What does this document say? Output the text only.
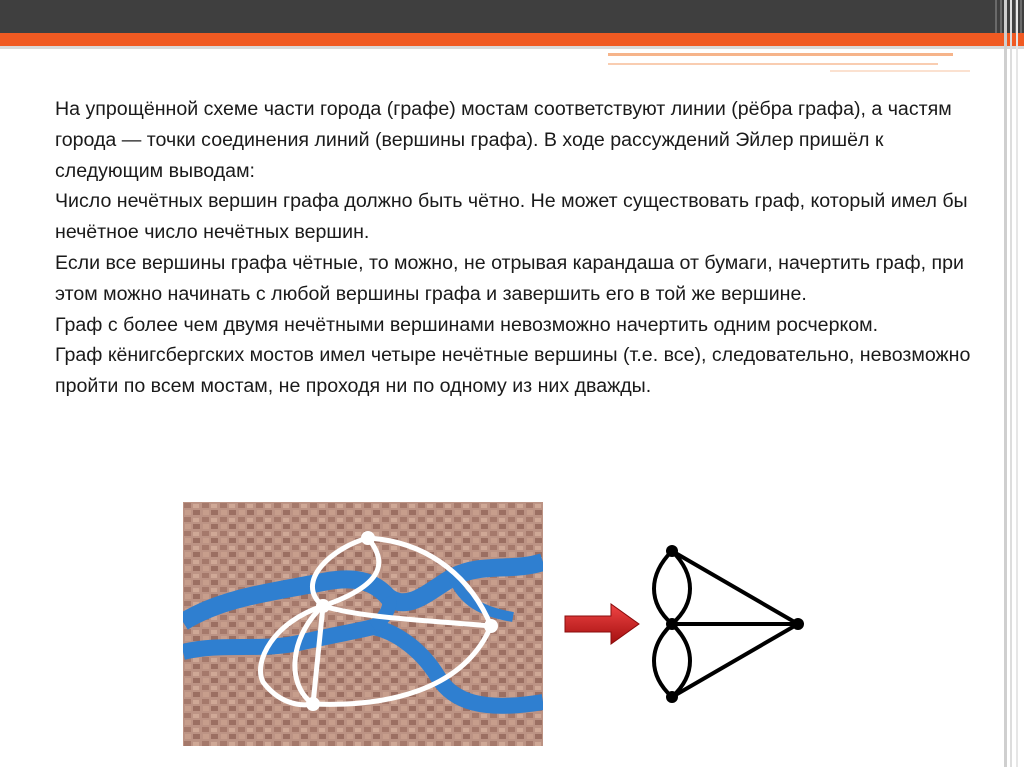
На упрощённой схеме части города (графе) мостам соответствуют линии (рёбра графа), а частям города — точки соединения линий (вершины графа). В ходе рассуждений Эйлер пришёл к следующим выводам:

Число нечётных вершин графа должно быть чётно. Не может существовать граф, который имел бы нечётное число нечётных вершин.

Если все вершины графа чётные, то можно, не отрывая карандаша от бумаги, начертить граф, при этом можно начинать с любой вершины графа и завершить его в той же вершине.

Граф с более чем двумя нечётными вершинами невозможно начертить одним росчерком.

Граф кёнигсбергских мостов имел четыре нечётные вершины (т.е. все), следовательно, невозможно пройти по всем мостам, не проходя ни по одному из них дважды.
